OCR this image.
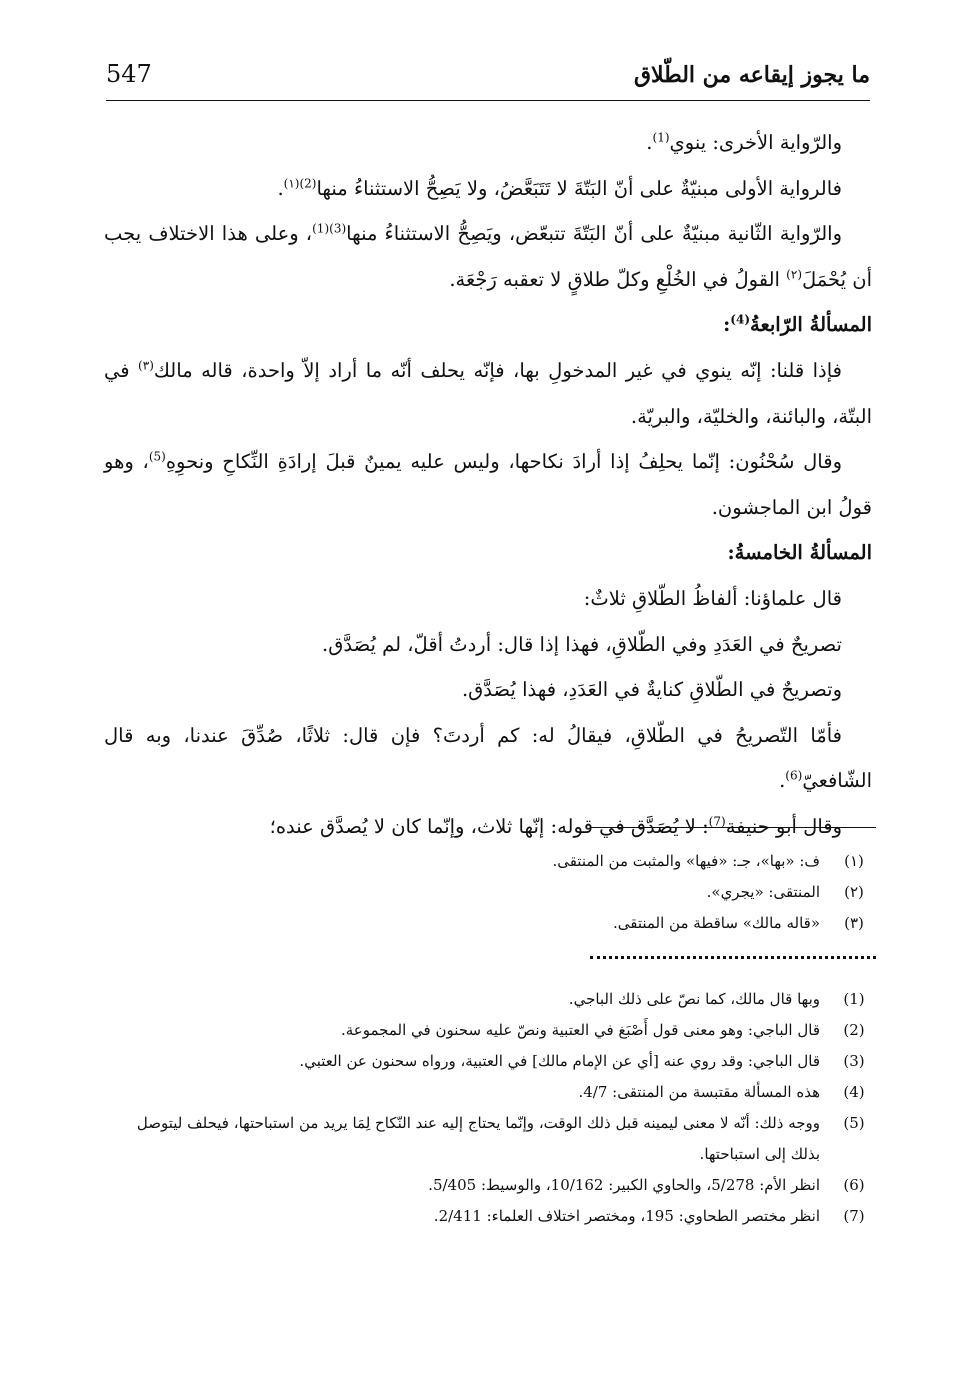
ما يجوز إيقاعه من الطّلاق
547

والرّواية الأخرى: ينوي$^{(1)}$.

فالرواية الأولى مبنيّةٌ على أنّ البَتّةَ لا تَتَبَعَّضُ، ولا يَصِحُّ الاستثناءُ منها$^{(2)(١)}$.

والرّواية الثّانية مبنيّةٌ على أنّ البَتّةَ تتبعّض، ويَصِحُّ الاستثناءُ منها$^{(3)(1)}$، وعلى هذا الاختلاف يجب أن يُحْمَلَ$^{(٢)}$ القولُ في الخُلْعِ وكلّ طلاقٍ لا تعقبه رَجْعَة.

المسألةُ الرّابعةُ$^{(4)}$:

فإذا قلنا: إنّه ينوي في غير المدخولِ بها، فإنّه يحلف أنّه ما أراد إلاّ واحدة، قاله مالك$^{(٣)}$ في البتّة، والبائنة، والخليّة، والبريّة.

وقال سُحْنُون: إنّما يحلِفُ إذا أرادَ نكاحها، وليس عليه يمينٌ قبلَ إرادَةِ النِّكاحِ ونحوِهِ$^{(5)}$، وهو قولُ ابن الماجشون.

المسألةُ الخامسةُ:

قال علماؤنا: ألفاظُ الطّلاقِ ثلاثٌ:

تصريحٌ في العَدَدِ وفي الطّلاقِ، فهذا إذا قال: أردتُ أقلّ، لم يُصَدَّق.

وتصريحٌ في الطّلاقِ كنايةٌ في العَدَدِ، فهذا يُصَدَّق.

فأمّا التّصريحُ في الطّلاقِ، فيقالُ له: كم أردتَ؟ فإن قال: ثلاثًا، صُدِّقَ عندنا، وبه قال الشّافعيّ$^{(6)}$.

وقال أبو حنيفة$^{(7)}$: لا يُصَدَّق في قوله: إنّها ثلاث، وإنّما كان لا يُصدَّق عنده؛

(١)
ف: «بها»، جـ: «فيها» والمثبت من المنتقى.
(٢)
المنتقى: «يجري».
(٣)
«قاله مالك» ساقطة من المنتقى.
(1)
وبها قال مالك، كما نصّ على ذلك الباجي.
(2)
قال الباجي: وهو معنى قول أَصْبَغ في العتبية ونصّ عليه سحنون في المجموعة.
(3)
قال الباجي: وقد روي عنه [أي عن الإمام مالك] في العتبية، ورواه سحنون عن العتبي.
(4)
هذه المسألة مقتبسة من المنتقى: 4/7.
(5)
ووجه ذلك: أنّه لا معنى ليمينه قبل ذلك الوقت، وإنّما يحتاج إليه عند النّكاح لِمَا يريد من استباحتها، فيحلف ليتوصل بذلك إلى استباحتها.
(6)
انظر الأم: 5/278، والحاوي الكبير: 10/162، والوسيط: 5/405.
(7)
انظر مختصر الطحاوي: 195، ومختصر اختلاف العلماء: 2/411.
